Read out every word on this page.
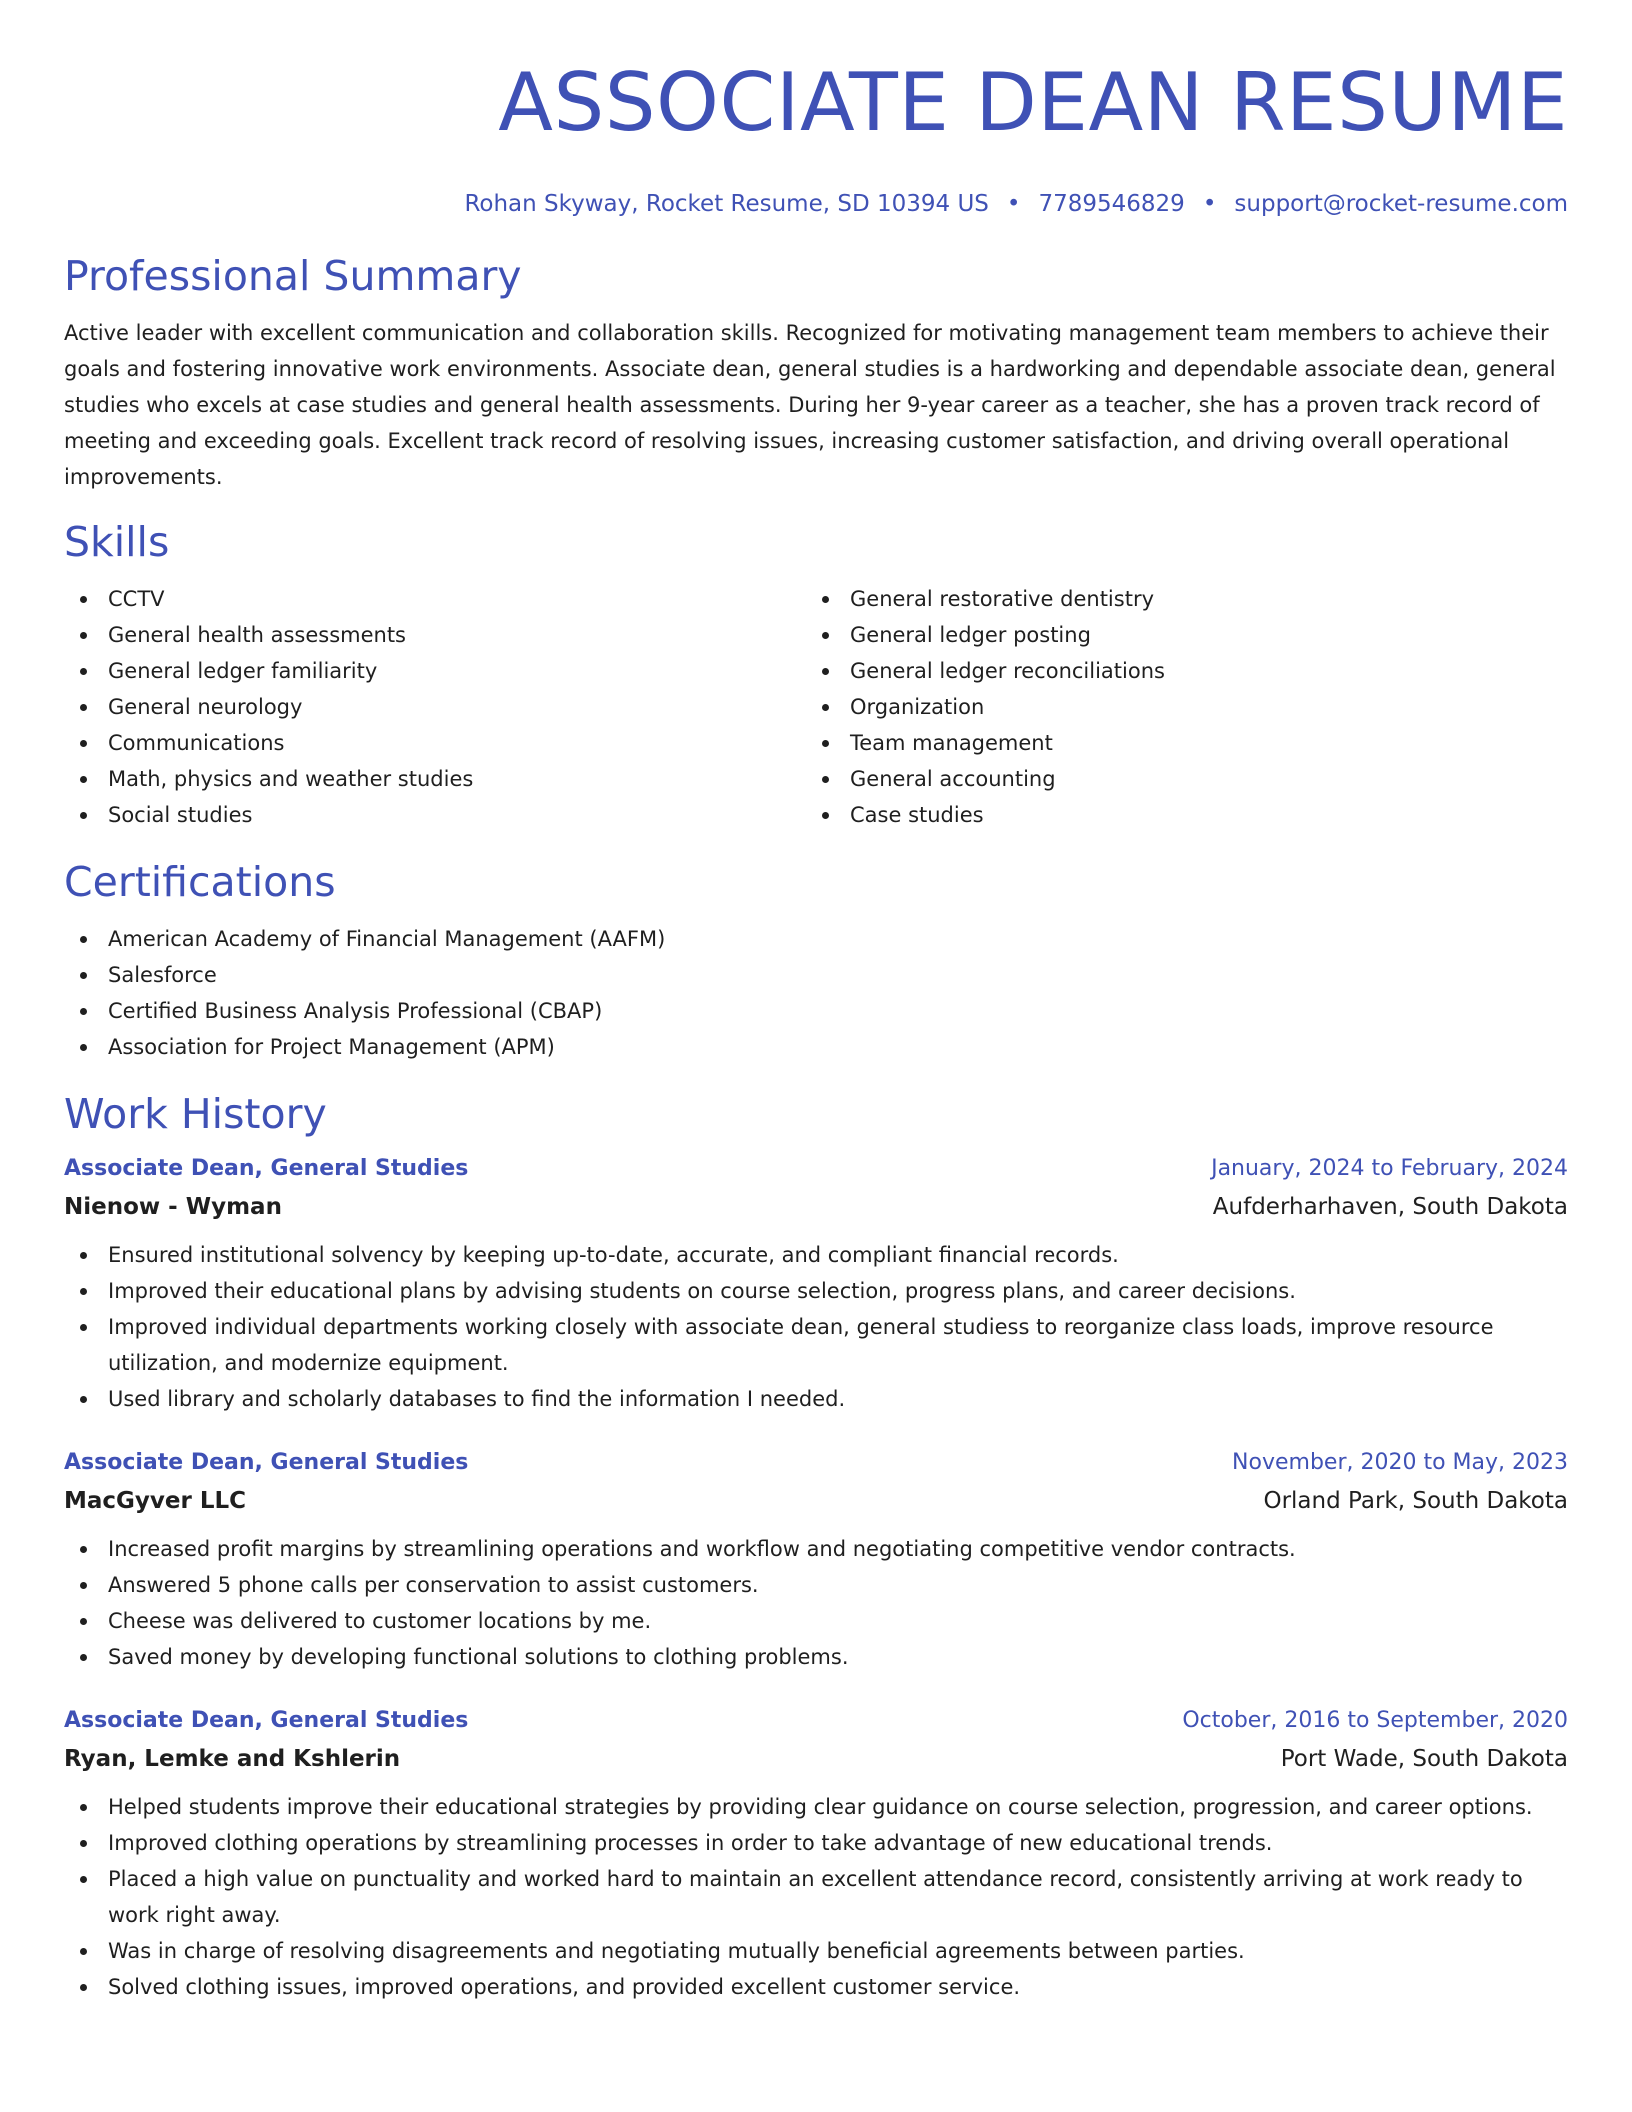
ASSOCIATE DEAN RESUME
Rohan Skyway, Rocket Resume, SD 10394 US • 7789546829 • support@rocket-resume.com
Professional Summary

Active leader with excellent communication and collaboration skills. Recognized for motivating management team members to achieve their goals and fostering innovative work environments. Associate dean, general studies is a hardworking and dependable associate dean, general studies who excels at case studies and general health assessments. During her 9-year career as a teacher, she has a proven track record of meeting and exceeding goals. Excellent track record of resolving issues, increasing customer satisfaction, and driving overall operational improvements.

Skills
CCTV
General health assessments
General ledger familiarity
General neurology
Communications
Math, physics and weather studies
Social studies
General restorative dentistry
General ledger posting
General ledger reconciliations
Organization
Team management
General accounting
Case studies
Certifications
American Academy of Financial Management (AAFM)
Salesforce
Certified Business Analysis Professional (CBAP)
Association for Project Management (APM)
Work History
Associate Dean, General Studies	January, 2024 to February, 2024
Nienow - Wyman	Aufderharhaven, South Dakota
Ensured institutional solvency by keeping up-to-date, accurate, and compliant financial records.
Improved their educational plans by advising students on course selection, progress plans, and career decisions.
Improved individual departments working closely with associate dean, general studiess to reorganize class loads, improve resource utilization, and modernize equipment.
Used library and scholarly databases to find the information I needed.
Associate Dean, General Studies	November, 2020 to May, 2023
MacGyver LLC	Orland Park, South Dakota
Increased profit margins by streamlining operations and workflow and negotiating competitive vendor contracts.
Answered 5 phone calls per conservation to assist customers.
Cheese was delivered to customer locations by me.
Saved money by developing functional solutions to clothing problems.
Associate Dean, General Studies	October, 2016 to September, 2020
Ryan, Lemke and Kshlerin	Port Wade, South Dakota
Helped students improve their educational strategies by providing clear guidance on course selection, progression, and career options.
Improved clothing operations by streamlining processes in order to take advantage of new educational trends.
Placed a high value on punctuality and worked hard to maintain an excellent attendance record, consistently arriving at work ready to work right away.
Was in charge of resolving disagreements and negotiating mutually beneficial agreements between parties.
Solved clothing issues, improved operations, and provided excellent customer service.
